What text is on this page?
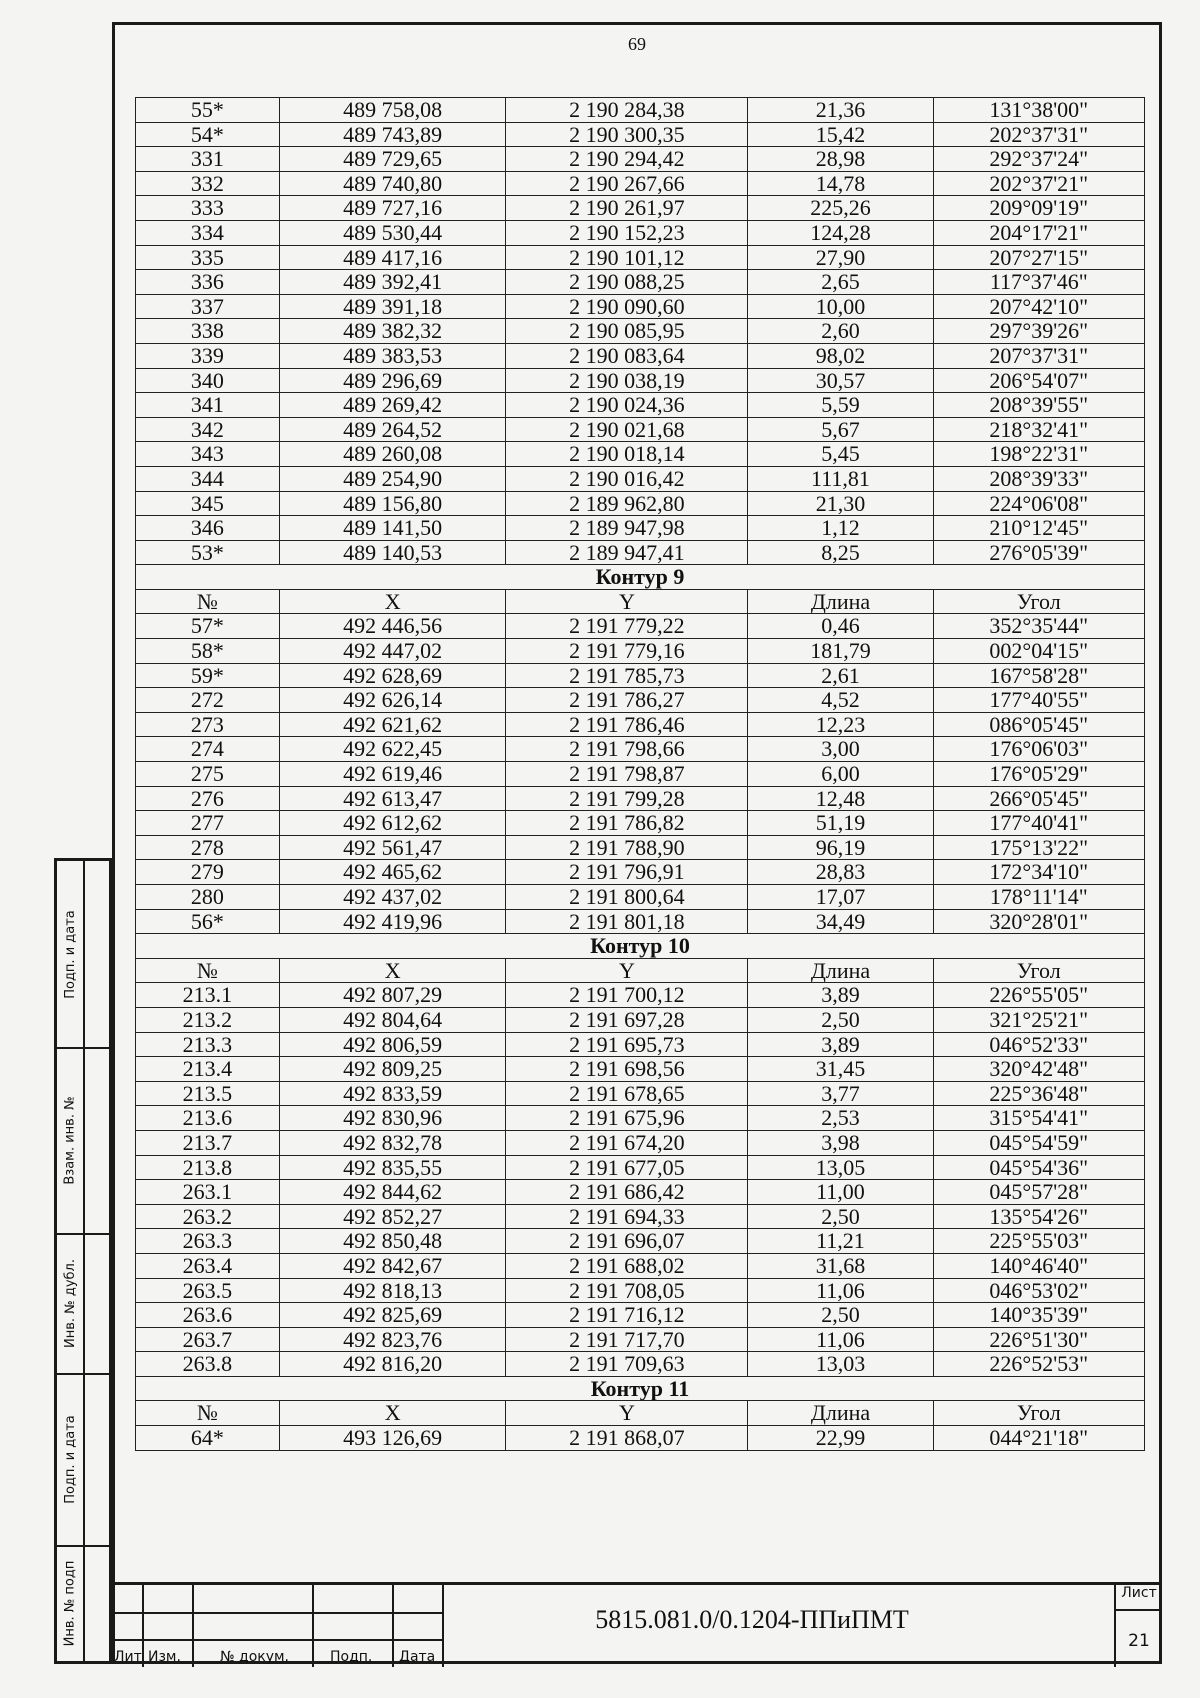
69
55*	489 758,08	2 190 284,38	21,36	131°38'00"
54*	489 743,89	2 190 300,35	15,42	202°37'31"
331	489 729,65	2 190 294,42	28,98	292°37'24"
332	489 740,80	2 190 267,66	14,78	202°37'21"
333	489 727,16	2 190 261,97	225,26	209°09'19"
334	489 530,44	2 190 152,23	124,28	204°17'21"
335	489 417,16	2 190 101,12	27,90	207°27'15"
336	489 392,41	2 190 088,25	2,65	117°37'46"
337	489 391,18	2 190 090,60	10,00	207°42'10"
338	489 382,32	2 190 085,95	2,60	297°39'26"
339	489 383,53	2 190 083,64	98,02	207°37'31"
340	489 296,69	2 190 038,19	30,57	206°54'07"
341	489 269,42	2 190 024,36	5,59	208°39'55"
342	489 264,52	2 190 021,68	5,67	218°32'41"
343	489 260,08	2 190 018,14	5,45	198°22'31"
344	489 254,90	2 190 016,42	111,81	208°39'33"
345	489 156,80	2 189 962,80	21,30	224°06'08"
346	489 141,50	2 189 947,98	1,12	210°12'45"
53*	489 140,53	2 189 947,41	8,25	276°05'39"
Контур 9				
№	X	Y	Длина	Угол
57*	492 446,56	2 191 779,22	0,46	352°35'44"
58*	492 447,02	2 191 779,16	181,79	002°04'15"
59*	492 628,69	2 191 785,73	2,61	167°58'28"
272	492 626,14	2 191 786,27	4,52	177°40'55"
273	492 621,62	2 191 786,46	12,23	086°05'45"
274	492 622,45	2 191 798,66	3,00	176°06'03"
275	492 619,46	2 191 798,87	6,00	176°05'29"
276	492 613,47	2 191 799,28	12,48	266°05'45"
277	492 612,62	2 191 786,82	51,19	177°40'41"
278	492 561,47	2 191 788,90	96,19	175°13'22"
279	492 465,62	2 191 796,91	28,83	172°34'10"
280	492 437,02	2 191 800,64	17,07	178°11'14"
56*	492 419,96	2 191 801,18	34,49	320°28'01"
Контур 10				
№	X	Y	Длина	Угол
213.1	492 807,29	2 191 700,12	3,89	226°55'05"
213.2	492 804,64	2 191 697,28	2,50	321°25'21"
213.3	492 806,59	2 191 695,73	3,89	046°52'33"
213.4	492 809,25	2 191 698,56	31,45	320°42'48"
213.5	492 833,59	2 191 678,65	3,77	225°36'48"
213.6	492 830,96	2 191 675,96	2,53	315°54'41"
213.7	492 832,78	2 191 674,20	3,98	045°54'59"
213.8	492 835,55	2 191 677,05	13,05	045°54'36"
263.1	492 844,62	2 191 686,42	11,00	045°57'28"
263.2	492 852,27	2 191 694,33	2,50	135°54'26"
263.3	492 850,48	2 191 696,07	11,21	225°55'03"
263.4	492 842,67	2 191 688,02	31,68	140°46'40"
263.5	492 818,13	2 191 708,05	11,06	046°53'02"
263.6	492 825,69	2 191 716,12	2,50	140°35'39"
263.7	492 823,76	2 191 717,70	11,06	226°51'30"
263.8	492 816,20	2 191 709,63	13,03	226°52'53"
Контур 11				
№	X	Y	Длина	Угол
64*	493 126,69	2 191 868,07	22,99	044°21'18"
Лит Изм.	№ докум.	Подп. Дата
5815.081.0/0.1204-ППиПМТ
Лист
21
Подп. и дата
Взам. инв. №
Инв. № дубл.
Подп. и дата
Инв. № подп
